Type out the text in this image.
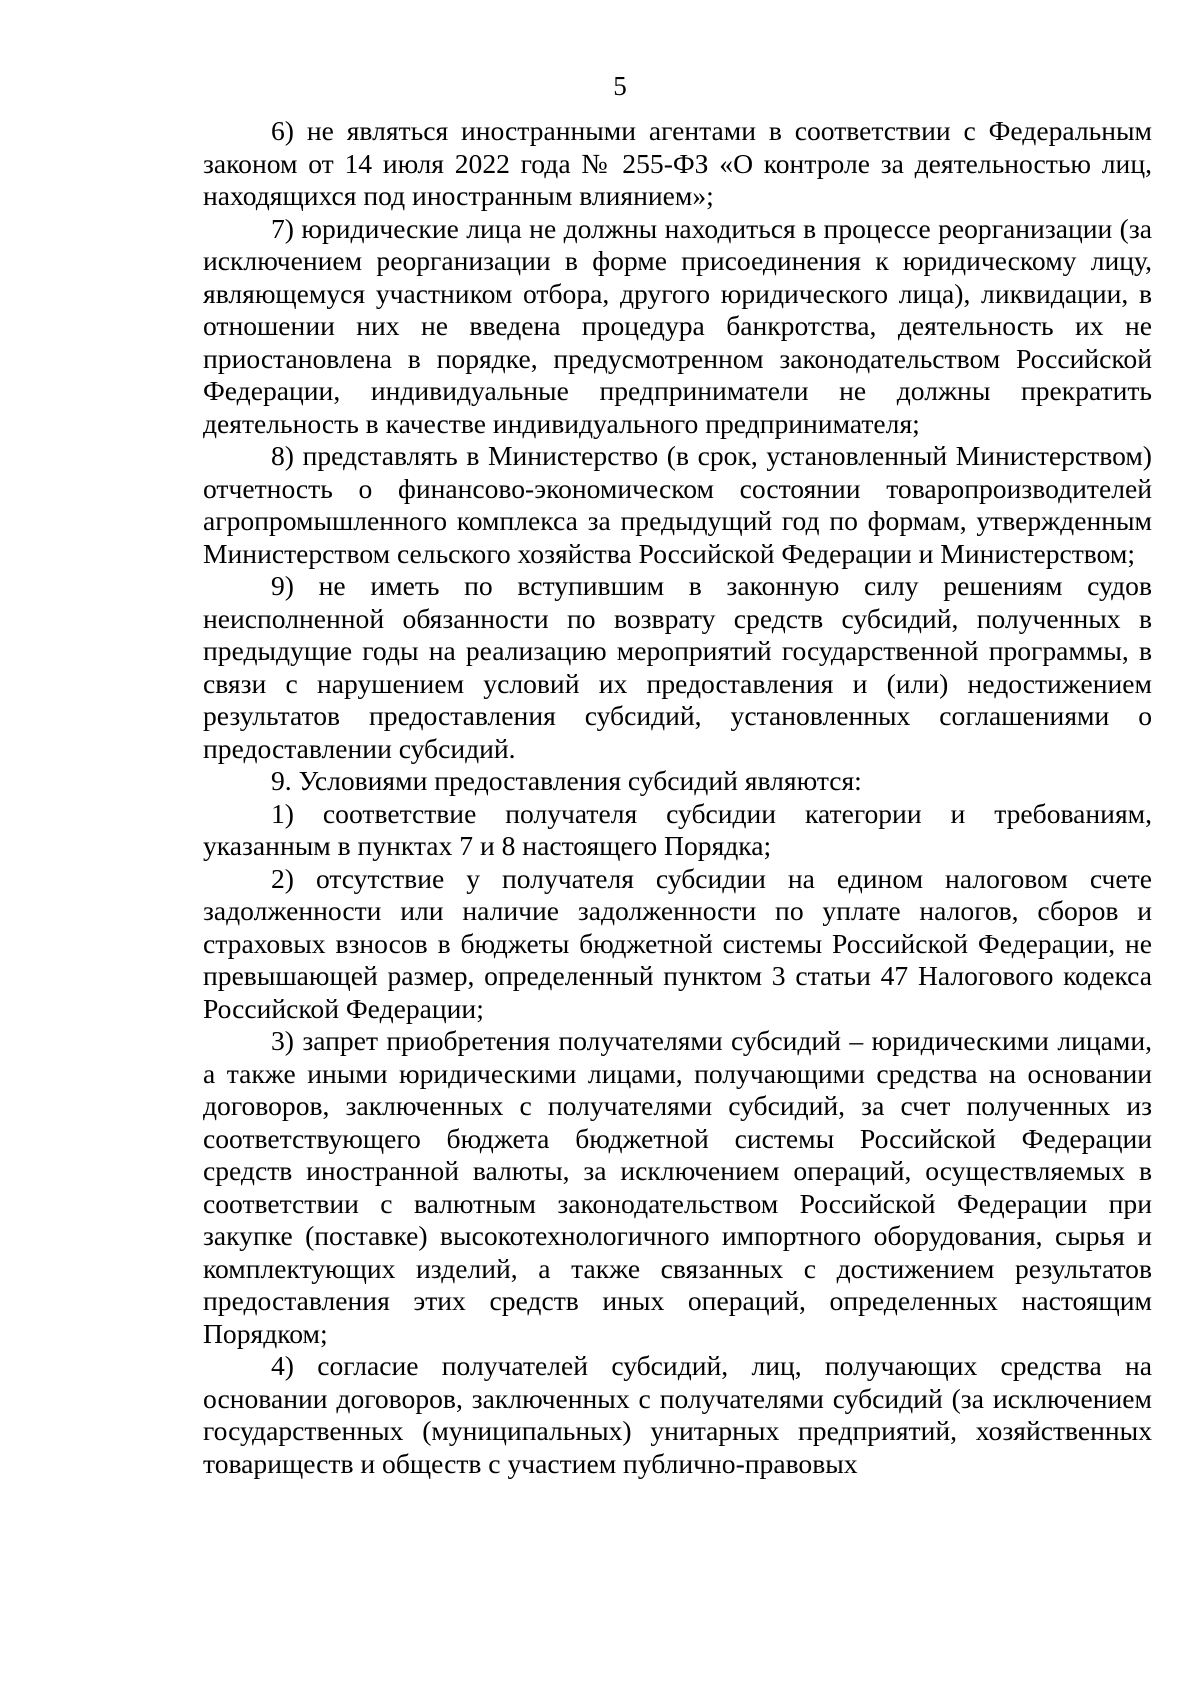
5

6) не являться иностранными агентами в соответствии с Федеральным законом от 14 июля 2022 года № 255-ФЗ «О контроле за деятельностью лиц, находящихся под иностранным влиянием»;

7) юридические лица не должны находиться в процессе реорганизации (за исключением реорганизации в форме присоединения к юридическому лицу, являющемуся участником отбора, другого юридического лица), ликвидации, в отношении них не введена процедура банкротства, деятельность их не приостановлена в порядке, предусмотренном законодательством Российской Федерации, индивидуальные предприниматели не должны прекратить деятельность в качестве индивидуального предпринимателя;

8) представлять в Министерство (в срок, установленный Министерством) отчетность о финансово-экономическом состоянии товаропроизводителей агропромышленного комплекса за предыдущий год по формам, утвержденным Министерством сельского хозяйства Российской Федерации и Министерством;

9) не иметь по вступившим в законную силу решениям судов неисполненной обязанности по возврату средств субсидий, полученных в предыдущие годы на реализацию мероприятий государственной программы, в связи с нарушением условий их предоставления и (или) недостижением результатов предоставления субсидий, установленных соглашениями о предоставлении субсидий.

9. Условиями предоставления субсидий являются:

1) соответствие получателя субсидии категории и требованиям, указанным в пунктах 7 и 8 настоящего Порядка;

2) отсутствие у получателя субсидии на едином налоговом счете задолженности или наличие задолженности по уплате налогов, сборов и страховых взносов в бюджеты бюджетной системы Российской Федерации, не превышающей размер, определенный пунктом 3 статьи 47 Налогового кодекса Российской Федерации;

3) запрет приобретения получателями субсидий – юридическими лицами, а также иными юридическими лицами, получающими средства на основании договоров, заключенных с получателями субсидий, за счет полученных из соответствующего бюджета бюджетной системы Российской Федерации средств иностранной валюты, за исключением операций, осуществляемых в соответствии с валютным законодательством Российской Федерации при закупке (поставке) высокотехнологичного импортного оборудования, сырья и комплектующих изделий, а также связанных с достижением результатов предоставления этих средств иных операций, определенных настоящим Порядком;

4) согласие получателей субсидий, лиц, получающих средства на основании договоров, заключенных с получателями субсидий (за исключением государственных (муниципальных) унитарных предприятий, хозяйственных товариществ и обществ с участием публично-правовых
